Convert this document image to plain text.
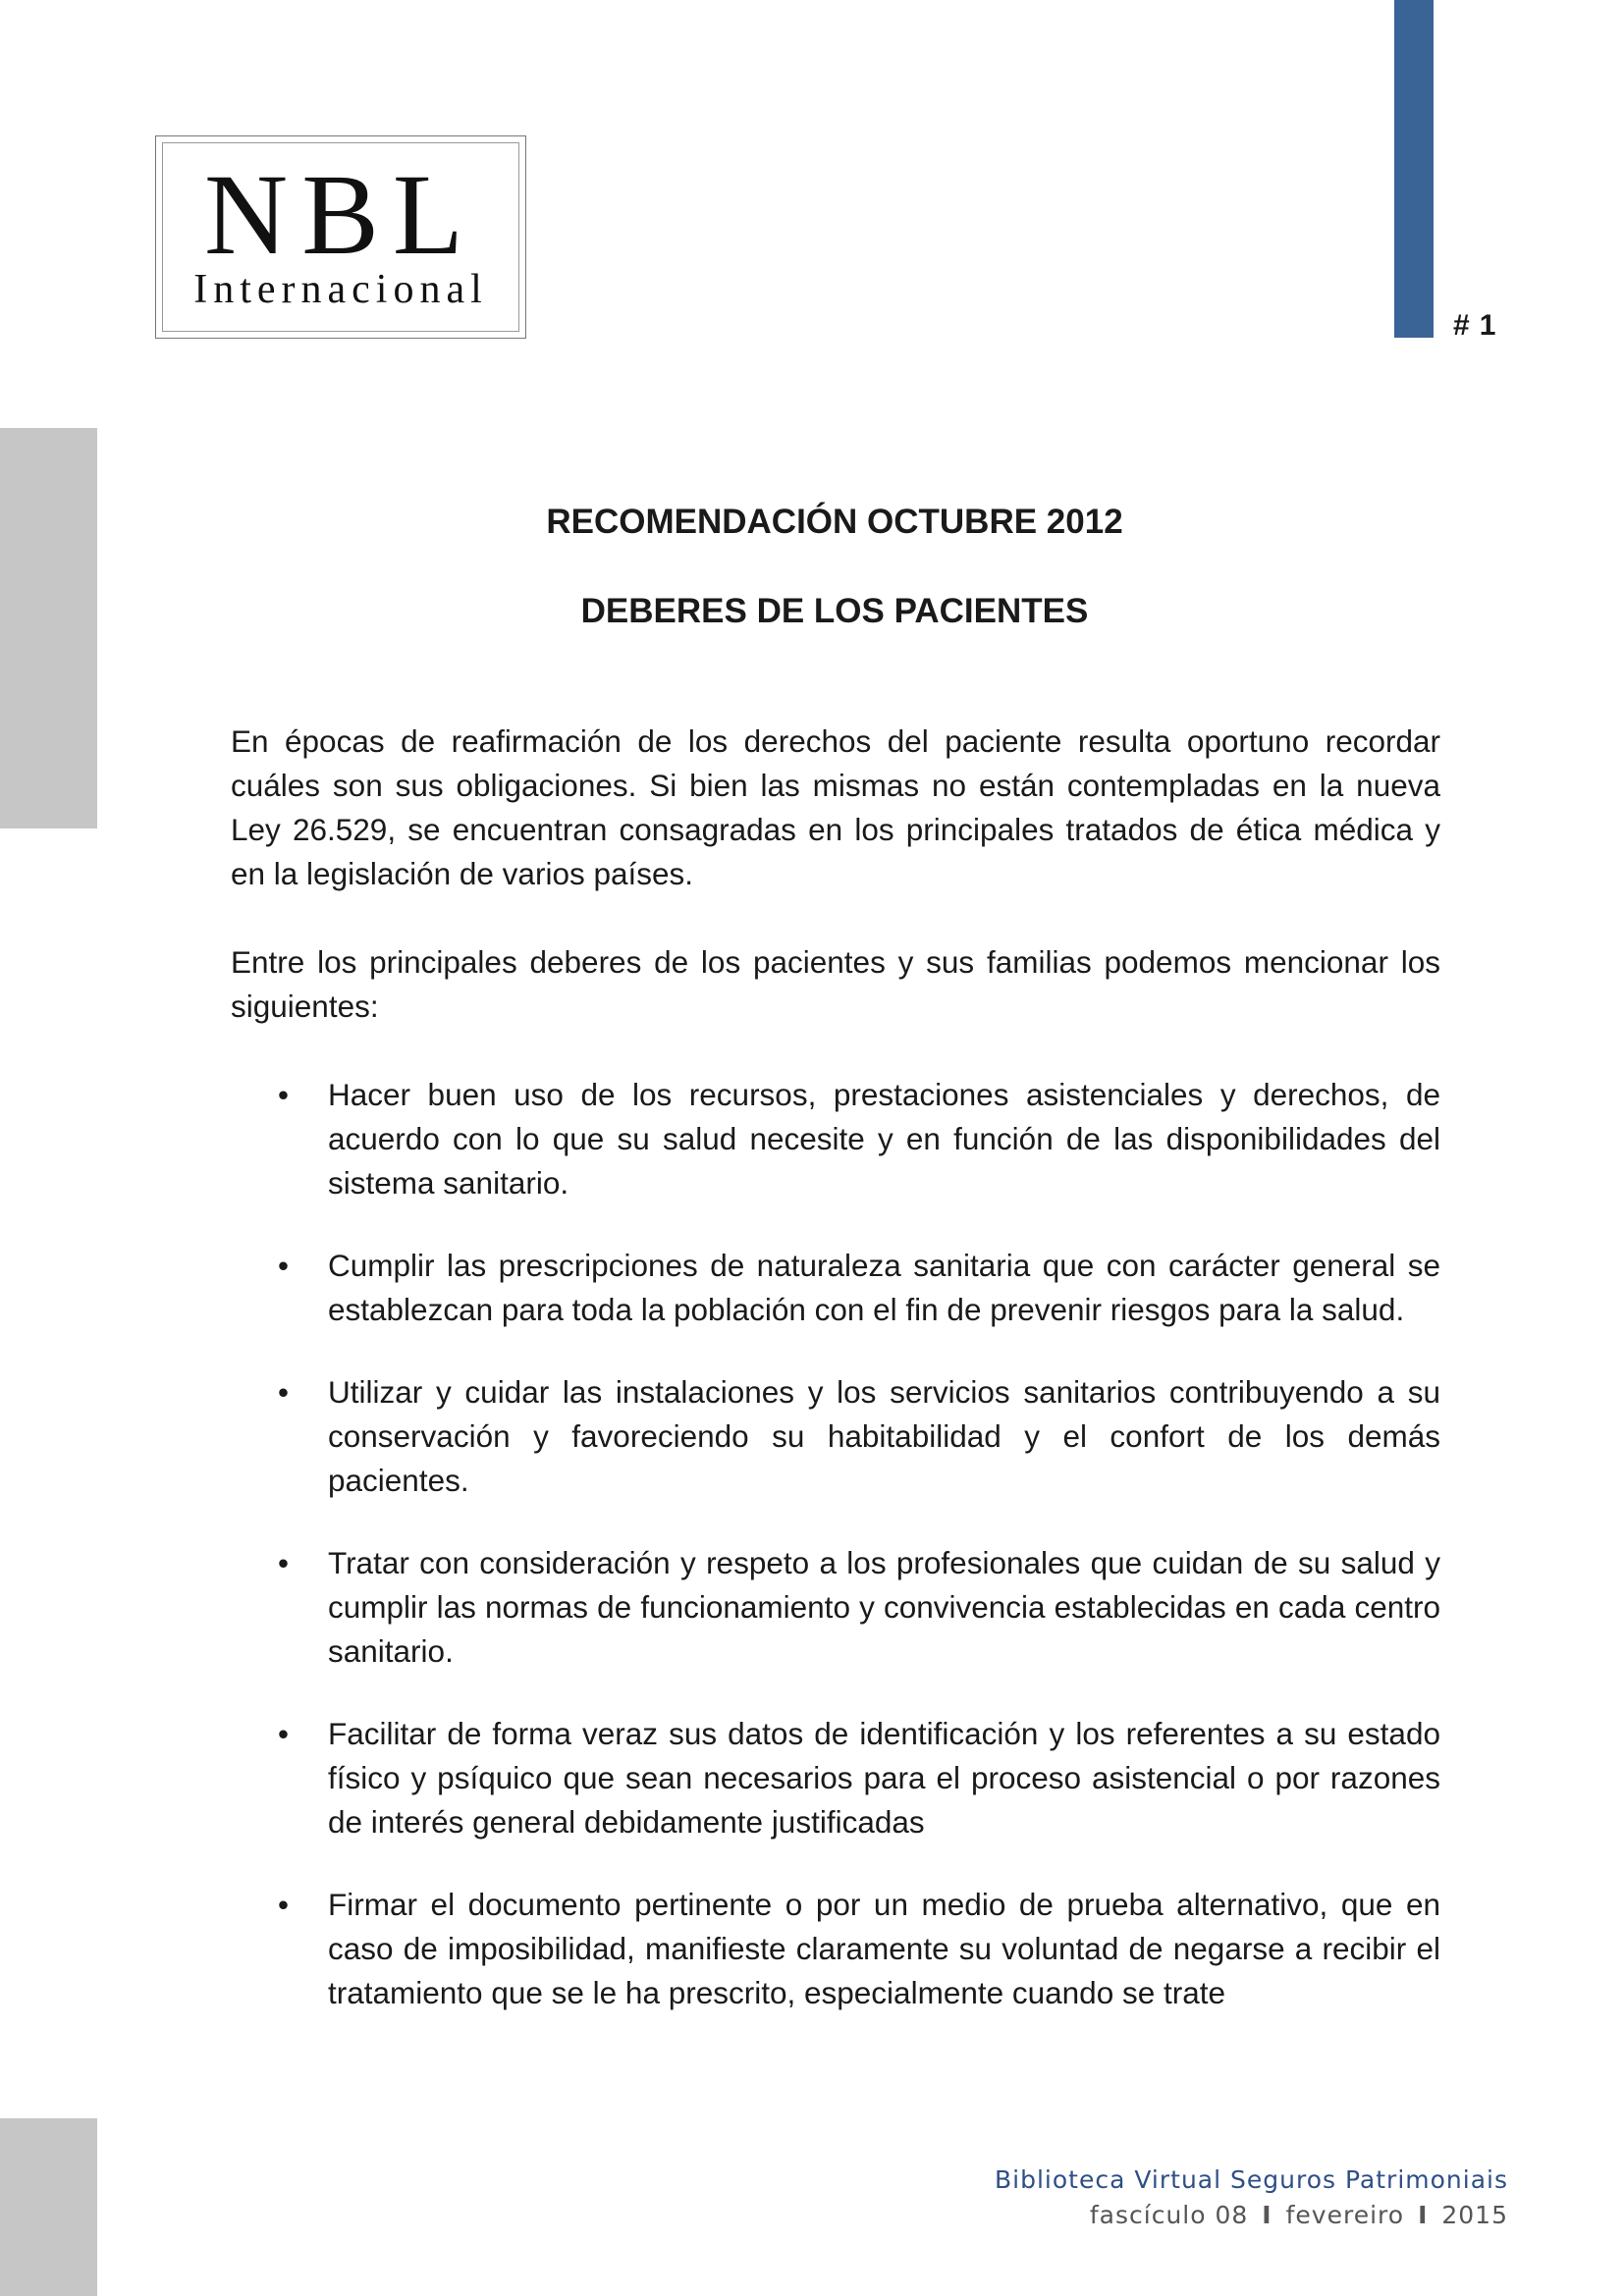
# 1
NBL
Internacional
RECOMENDACIÓN OCTUBRE 2012
DEBERES DE LOS PACIENTES

En épocas de reafirmación de los derechos del paciente resulta oportuno recordar cuáles son sus obligaciones. Si bien las mismas no están contempladas en la nueva Ley 26.529, se encuentran consagradas en los principales tratados de ética médica y en la legislación de varios países.

Entre los principales deberes de los pacientes y sus familias podemos mencionar los siguientes:

• Hacer buen uso de los recursos, prestaciones asistenciales y derechos, de acuerdo con lo que su salud necesite y en función de las disponibilidades del sistema sanitario.
• Cumplir las prescripciones de naturaleza sanitaria que con carácter general se establezcan para toda la población con el fin de prevenir riesgos para la salud.
• Utilizar y cuidar las instalaciones y los servicios sanitarios contribuyendo a su conservación y favoreciendo su habitabilidad y el confort de los demás pacientes.
• Tratar con consideración y respeto a los profesionales que cuidan de su salud y cumplir las normas de funcionamiento y convivencia establecidas en cada centro sanitario.
• Facilitar de forma veraz sus datos de identificación y los referentes a su estado físico y psíquico que sean necesarios para el proceso asistencial o por razones de interés general debidamente justificadas
• Firmar el documento pertinente o por un medio de prueba alternativo, que en caso de imposibilidad, manifieste claramente su voluntad de negarse a recibir el tratamiento que se le ha prescrito, especialmente cuando se trate
Biblioteca Virtual Seguros Patrimoniais
fascículo 08 I fevereiro I 2015
